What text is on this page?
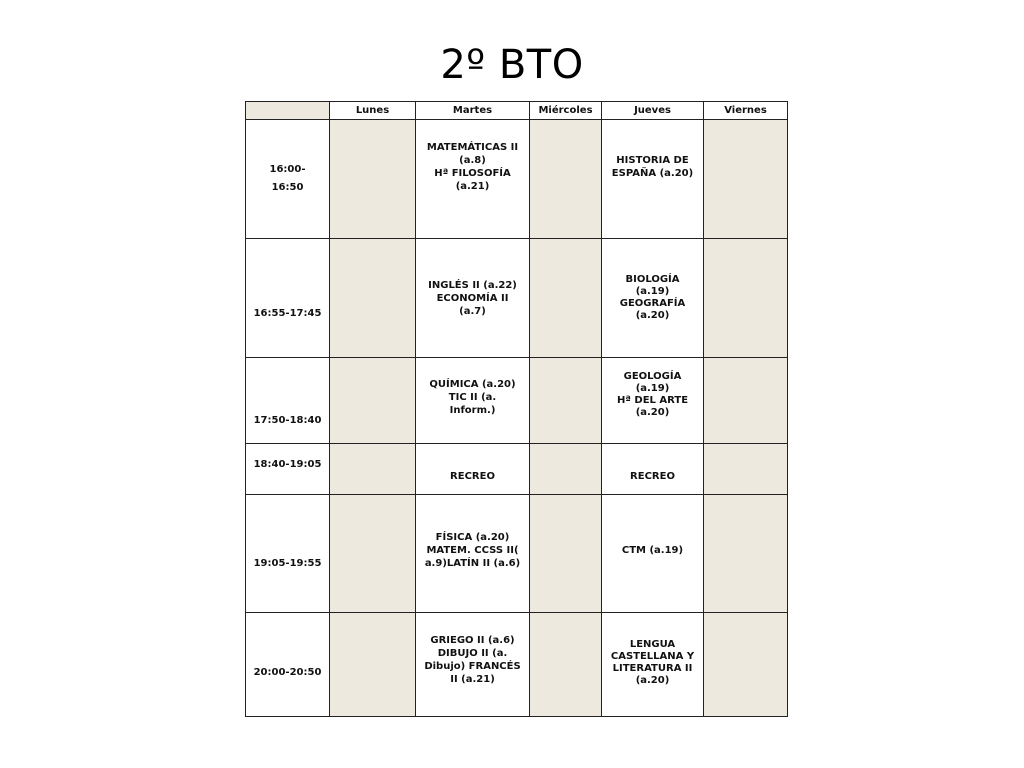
2º BTO
	Lunes	Martes	Miércoles	Jueves	Viernes

16:00-
16:50		MATEMÁTICAS II
(a.8)
Hª FILOSOFÍA
(a.21)		HISTORIA DE
ESPAÑA (a.20)	

16:55-17:45		INGLÉS II (a.22)
ECONOMÍA II
(a.7)		BIOLOGÍA
(a.19)
GEOGRAFÍA
(a.20)	

17:50-18:40		QUÍMICA (a.20)
TIC II (a.
Inform.)		GEOLOGÍA
(a.19)
Hª DEL ARTE
(a.20)	

18:40-19:05		RECREO		RECREO	

19:05-19:55		FÍSICA (a.20)
MATEM. CCSS II(
a.9)LATÍN II (a.6)		CTM (a.19)	

20:00-20:50		GRIEGO II (a.6)
DIBUJO II (a.
Dibujo) FRANCÉS
II (a.21)		LENGUA
CASTELLANA Y
LITERATURA II
(a.20)	
